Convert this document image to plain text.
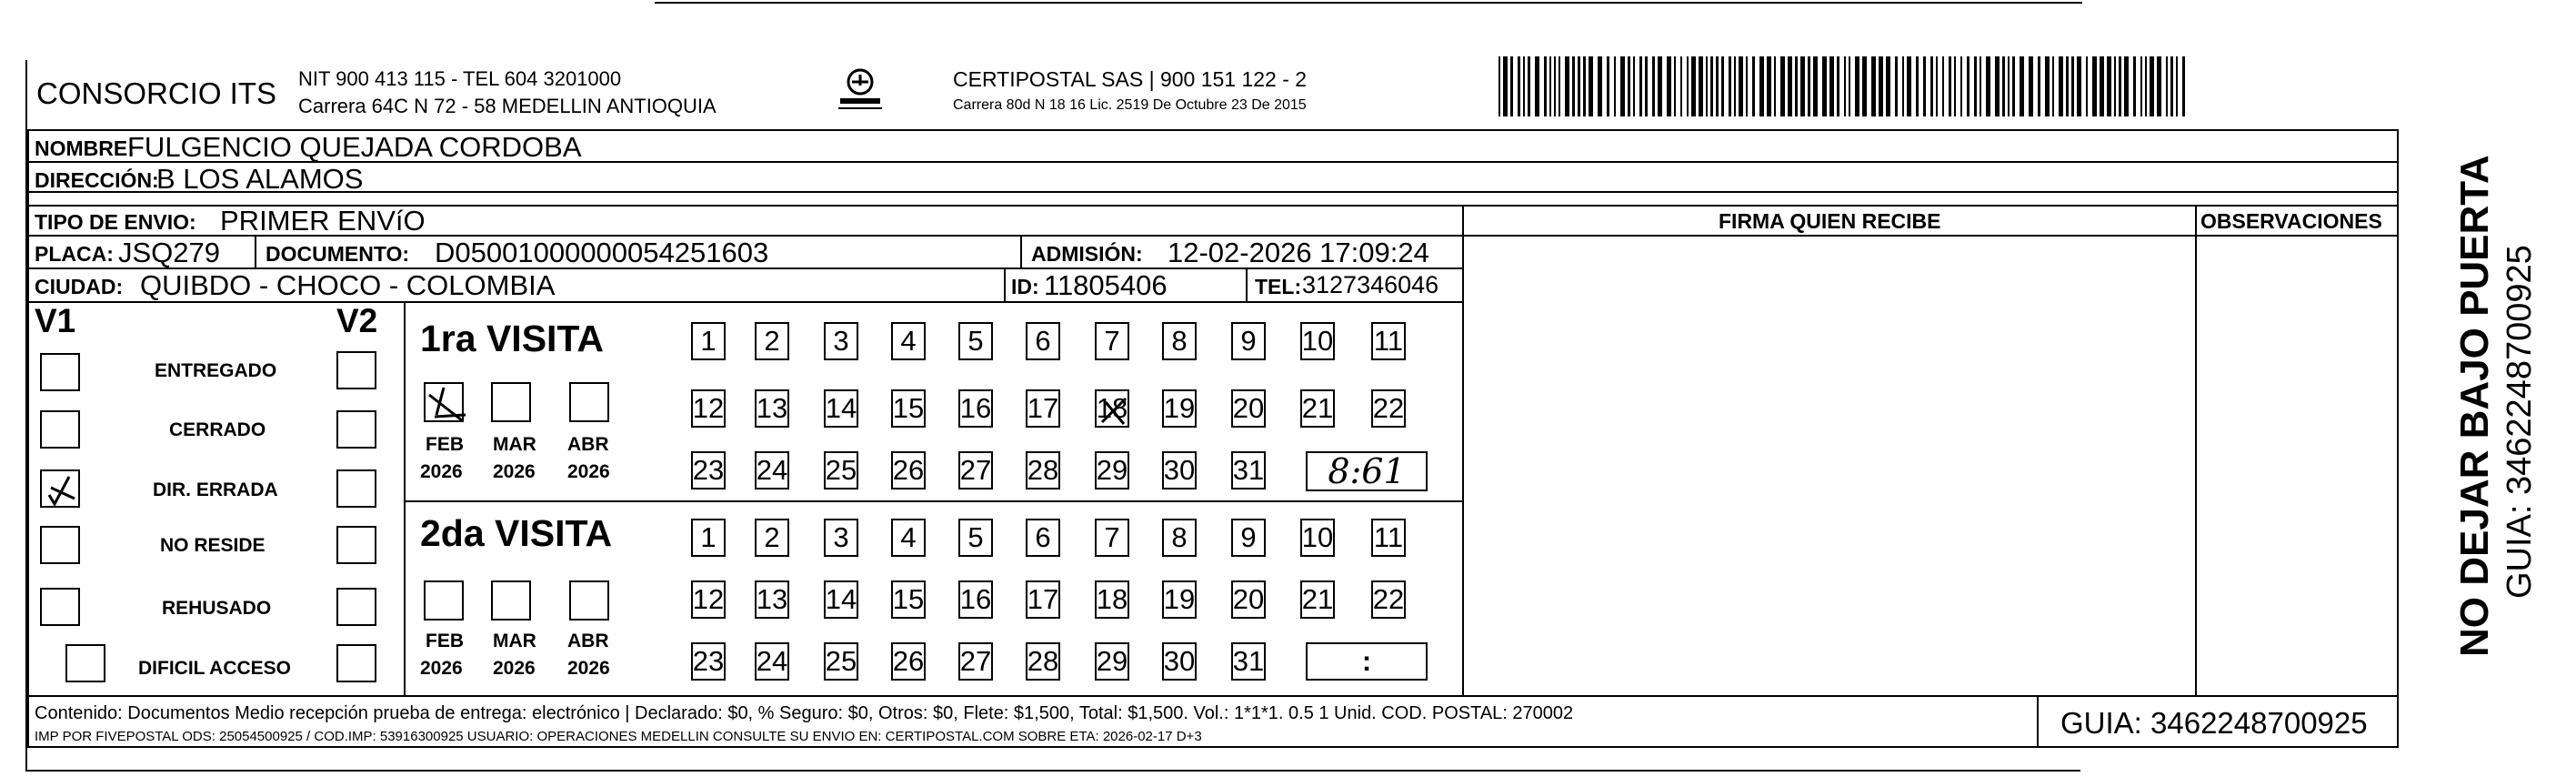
CONSORCIO ITS NIT 900 413 115 - TEL 604 3201000
Carrera 64C N 72 - 58 MEDELLIN ANTIOQUIA
CERTIPOSTAL SAS | 900 151 122 - 2
Carrera 80d N 18 16 Lic. 2519 De Octubre 23 De 2015
NOMBRE:
FULGENCIO QUEJADA CORDOBA
DIRECCIÓN:
B LOS ALAMOS
TIPO DE ENVIO: PRIMER ENVíO
PLACA: JSQ279 DOCUMENTO: D05001000000054251603	ADMISIÓN: 12-02-2026 17:09:24
CIUDAD: QUIBDO - CHOCO - COLOMBIA	ID: 11805406	TEL: 3127346046
FIRMA QUIEN RECIBE	OBSERVACIONES
V1	V2
ENTREGADO
CERRADO
DIR. ERRADA
NO RESIDE
REHUSADO
DIFICIL ACCESO
1ra VISITA
FEB MAR ABR
2026 2026 2026
1	2	3	4	5	6	7	8	9	10 11
12 13 14 15 16 17 18 19 20 21 22
23 24 25 26 27 28 29 30 31	8:61
2da VISITA
FEB MAR ABR
2026 2026 2026
1	2	3	4	5	6	7	8	9	10 11
12 13 14 15 16 17 18 19 20 21 22
23 24 25 26 27 28 29 30 31	:
Contenido: Documentos Medio recepción prueba de entrega: electrónico | Declarado: $0, % Seguro: $0, Otros: $0, Flete: $1,500, Total: $1,500. Vol.: 1*1*1. 0.5 1 Unid. COD. POSTAL: 270002
IMP POR FIVEPOSTAL ODS: 25054500925 / COD.IMP: 53916300925 USUARIO: OPERACIONES MEDELLIN CONSULTE SU ENVIO EN: CERTIPOSTAL.COM SOBRE ETA: 2026-02-17 D+3	GUIA: 3462248700925
NO DEJAR BAJO PUERTA GUIA: 3462248700925
